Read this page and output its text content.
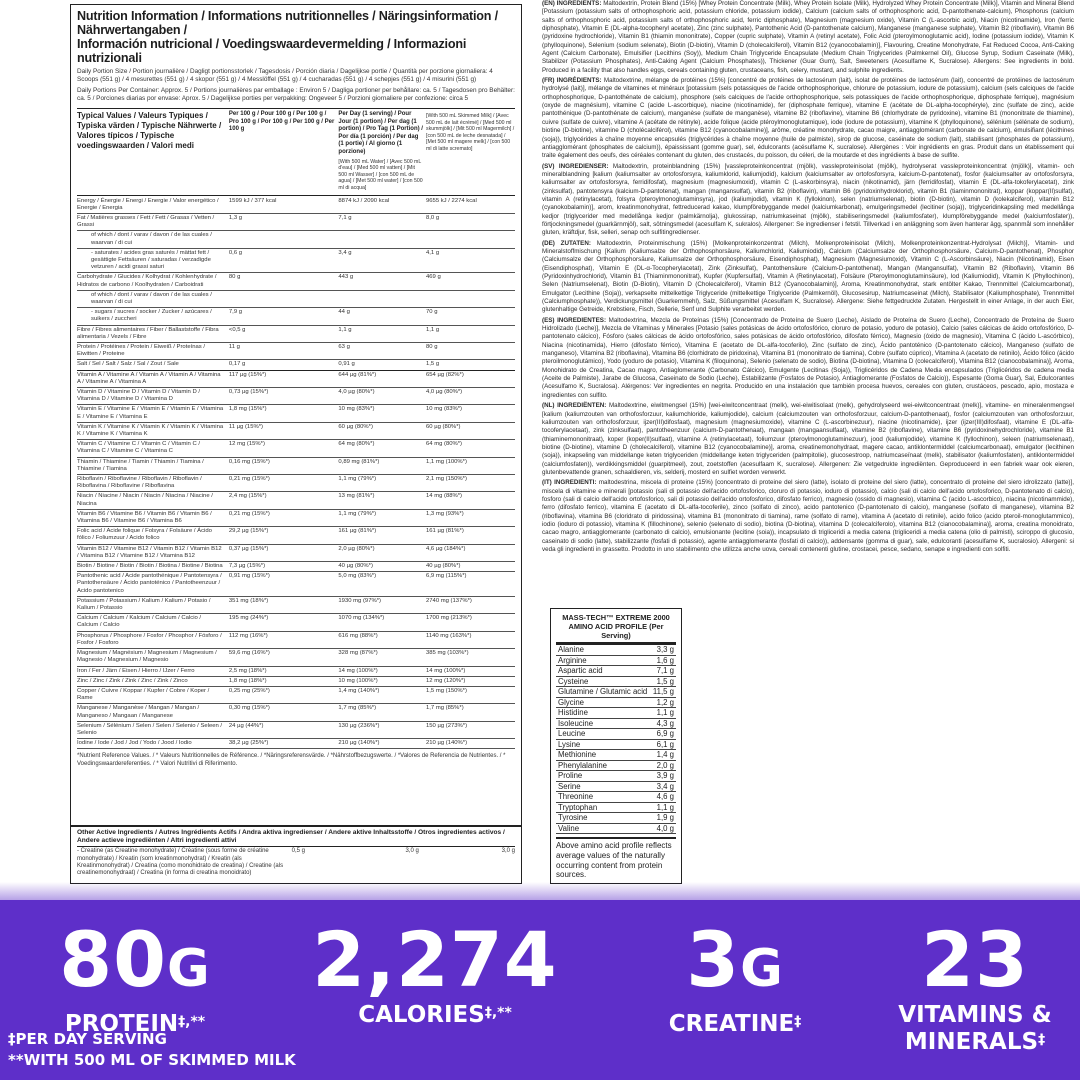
Nutrition Information / Informations nutritionnelles / Näringsinformation / Nährwertangaben /
Información nutricional / Voedingswaardevermelding / Informazioni nutrizionali
Daily Portion Size / Portion journalière / Dagligt portionsstorlek / Tagesdosis / Porción diaria / Dagelijkse portie / Quantità per porzione giornaliera: 4 Scoops (551 g) / 4 mesurettes (551 g) / 4 skopor (551 g) / 4 Messlöffel (551 g) / 4 cucharadas (551 g) / 4 schepjes (551 g) / 4 misurini (551 g)
Daily Portions Per Container: Approx. 5 / Portions journalières par emballage : Environ 5 / Dagliga portioner per behållare: ca. 5 / Tagesdosen pro Behälter: ca. 5 / Porciones diarias por envase: Aprox. 5 / Dagelijkse porties per verpakking: Ongeveer 5 / Porzioni giornaliere per confezione: circa 5
Typical Values / Valeurs Typiques / Typiska värden / Typische Nährwerte / Valores típicos / Typische voedingswaarden / Valori medi
Per 100 g / Pour 100 g / Per 100 g / Pro 100 g / Por 100 g / Per 100 g / Per 100 g
Per Day (1 serving) / Pour Jour (1 portion) / Per dag (1 portion) / Pro Tag (1 Portion) / Por día (1 porción) / Per dag (1 portie) / Al giorno (1 porzione)
[With 500 mL Water] / [Avec 500 mL d'eau] / [Med 500 ml vatten] / [Mit 500 ml Wasser] / [con 500 mL de agua] / [Met 500 ml water] / [con 500 ml di acqua]
[With 500 mL Skimmed Milk] / [Avec 500 mL de lait écrémé] / [Med 500 ml skummjölk] / [Mit 500 ml Magermilch] / [con 500 mL de leche desnatada] / [Met 500 ml magere melk] / [con 500 ml di latte scremato]
Energy / Énergie / Energi / Energie / Valor energético / Energie / Energia
1599 kJ / 377 kcal	8874 kJ / 2090 kcal	9655 kJ / 2274 kcal
Fat / Matières grasses / Fett / Fett / Grasas / Vetten / Grassi
1,3 g	7,1 g	8,0 g
of which / dont / varav / davon / de las cuales / waarvan / di cui
- saturates / acides gras saturés / mättat fett / gesättigte Fettsäuren / saturadas / verzadigde vetzuren / acidi grassi saturi
0,6 g	3,4 g	4,1 g
Carbohydrate / Glucides / Kolhydrat / Kohlenhydrate / Hidratos de carbono / Koolhydraten / Carboidrati
80 g	443 g	469 g
of which / dont / varav / davon / de las cuales / waarvan / di cui
- sugars / sucres / socker / Zucker / azúcares / suikers / zuccheri
7,9 g	44 g	70 g
Fibre / Fibres alimentaires / Fiber / Ballaststoffe / Fibra alimentaria / Vezels / Fibre
<0,5 g	1,1 g	1,1 g
Protein / Protéines / Protein / Eiweiß / Proteínas / Eiwitten / Proteine
11 g	63 g	80 g
Salt / Sel / Salt / Salz / Sal / Zout / Sale	0,17 g	0,91 g	1,5 g
Vitamin A / Vitamine A / Vitamin A / Vitamin A / Vitamina A / Vitamine A / Vitamina A
117 µg (15%*)	644 µg (81%*)	654 µg (82%*)
Vitamin D / Vitamine D / Vitamin D / Vitamin D / Vitamina D / Vitamine D / Vitamina D
0,73 µg (15%*)	4,0 µg (80%*)	4,0 µg (80%*)
Vitamin E / Vitamine E / Vitamin E / Vitamin E / Vitamina E / Vitamine E / Vitamina E
1,8 mg (15%*)	10 mg (83%*)	10 mg (83%*)
Vitamin K / Vitamine K / Vitamin K / Vitamin K / Vitamina K / Vitamine K / Vitamina K
11 µg (15%*)	60 µg (80%*)	60 µg (80%*)
Vitamin C / Vitamine C / Vitamin C / Vitamin C / Vitamina C / Vitamine C / Vitamina C
12 mg (15%*)	64 mg (80%*)	64 mg (80%*)
Thiamin / Thiamine / Tiamin / Thiamin / Tiamina / Thiamine / Tiamina
0,16 mg (15%*)	0,89 mg (81%*)	1,1 mg (100%*)
Riboflavin / Riboflavine / Riboflavin / Riboflavin / Riboflavina / Riboflavine / Riboflavina
0,21 mg (15%*)	1,1 mg (79%*)	2,1 mg (150%*)
Niacin / Niacine / Niacin / Niacin / Niacina / Niacine / Niacina
2,4 mg (15%*)	13 mg (81%*)	14 mg (88%*)
Vitamin B6 / Vitamine B6 / Vitamin B6 / Vitamin B6 / Vitamina B6 / Vitamine B6 / Vitamina B6
0,21 mg (15%*)	1,1 mg (79%*)	1,3 mg (93%*)
Folic acid / Acide folique / Folsyra / Folsäure / Ácido fólico / Foliumzuur / Acido folico
29,2 µg (15%*)	161 µg (81%*)	161 µg (81%*)
Vitamin B12 / Vitamine B12 / Vitamin B12 / Vitamin B12 / Vitamina B12 / Vitamine B12 / Vitamina B12
0,37 µg (15%*)	2,0 µg (80%*)	4,6 µg (184%*)
Biotin / Biotine / Biotin / Biotin / Biotina / Biotine / Biotina	7,3 µg (15%*)	40 µg (80%*)	40 µg (80%*)
Pantothenic acid / Acide pantothénique / Pantotensyra / Pantothensäure / Ácido pantoténico / Pantotheenzuur / Acido pantotenico
0,91 mg (15%*)	5,0 mg (83%*)	6,9 mg (115%*)
Potassium / Potassium / Kalium / Kalium / Potasio / Kalium / Potassio
351 mg (18%*)	1930 mg (97%*)	2740 mg (137%*)
Calcium / Calcium / Kalcium / Calcium / Calcio / Calcium / Calcio
195 mg (24%*)	1070 mg (134%*)	1700 mg (213%*)
Phosphorus / Phosphore / Fosfor / Phosphor / Fósforo / Fosfor / Fosforo
112 mg (16%*)	616 mg (88%*)	1140 mg (163%*)
Magnesium / Magnésium / Magnesium / Magnesium / Magnesio / Magnesium / Magnesio
59,6 mg (16%*)	328 mg (87%*)	385 mg (103%*)
Iron / Fer / Järn / Eisen / Hierro / IJzer / Ferro	2,5 mg (18%*)	14 mg (100%*)	14 mg (100%*)
Zinc / Zinc / Zink / Zink / Zinc / Zink / Zinco	1,8 mg (18%*)	10 mg (100%*)	12 mg (120%*)
Copper / Cuivre / Koppar / Kupfer / Cobre / Koper / Rame
0,25 mg (25%*)	1,4 mg (140%*)	1,5 mg (150%*)
Manganese / Manganèse / Mangan / Mangan / Manganeso / Mangaan / Manganese
0,30 mg (15%*)	1,7 mg (85%*)	1,7 mg (85%*)
Selenium / Sélénium / Selen / Selen / Selenio / Seleen / Selenio
24 µg (44%*)	130 µg (236%*)	150 µg (273%*)
Iodine / Iode / Jod / Jod / Yodo / Jood / Iodio	38,2 µg (25%*)	210 µg (140%*)	210 µg (140%*)
*Nutrient Reference Values. / * Valeurs Nutritionnelles de Référence. / *Näringsreferensvärde. / *Nährstoffbezugswerte. / *Valores de Referencia de Nutrientes. / * Voedingswaardereferenties. / * Valori Nutritivi di Riferimento.
Other Active Ingredients / Autres Ingrédients Actifs / Andra aktiva ingredienser / Andere aktive Inhaltsstoffe / Otros ingredientes activos / Andere actieve ingrediënten / Altri ingredienti attivi
- Creatine (as Creatine monohydrate) / Créatine (sous forme de créatine monohydrate) / Kreatin (som kreatinmonohydrat) / Kreatin (als Kreatinmonohydrat) / Creatina (como monohidrato de creatina) / Creatine (als creatinemonohydraat) / Creatina (in forma di creatina monoidrato)
0,5 g	3,0 g	3,0 g

(EN) INGREDIENTS: Maltodextrin, Protein Blend (15%) [Whey Protein Concentrate (Milk), Whey Protein Isolate (Milk), Hydrolyzed Whey Protein Concentrate (Milk)], Vitamin and Mineral Blend [Potassium (potassium salts of orthophosphoric acid, potassium chloride, potassium iodide), Calcium (calcium salts of orthophosphoric acid, D-pantothenate-calcium), Phosphorus (calcium salts of orthophosphoric acid, potassium salts of orthophosphoric acid, ferric diphosphate), Magnesium (magnesium oxide), Vitamin C (L-ascorbic acid), Niacin (nicotinamide), Iron (ferric diphosphate), Vitamin E (DL-alpha-tocopheryl acetate), Zinc (zinc sulphate), Pantothenic Acid (D-pantothenate calcium), Manganese (manganese sulphate), Vitamin B2 (riboflavin), Vitamin B6 (pyridoxine hydrochloride), Vitamin B1 (thiamin mononitrate), Copper (cupric sulphate), Vitamin A (retinyl acetate), Folic Acid (pteroylmonoglutamic acid), Iodine (potassium iodide), Vitamin K (phylloquinone), Selenium (sodium selenate), Biotin (D-biotin), Vitamin D (cholecalciferol), Vitamin B12 (cyanocobalamin)], Flavouring, Creatine Monohydrate, Fat Reduced Cocoa, Anti-Caking Agent (Calcium Carbonate), Emulsifier (Lecithins (Soy)), Medium Chain Triglyceride Encapsulate (Medium Chain Triglycerides (Palmkernel Oil), Glucose Syrup, Sodium Caseinate (Milk), Stabilizer (Potassium Phosphates), Anti-Caking Agent (Calcium Phosphates)), Thickener (Guar Gum), Salt, Sweeteners (Acesulfame K, Sucralose). Allergens: See ingredients in bold. Produced in a facility that also handles eggs, cereals containing gluten, crustaceans, fish, celery, mustard, and sulphite ingredients.

(FR) INGRÉDIENTS: Maltodextrine, mélange de protéines (15%) [concentré de protéines de lactosérum (lait), isolat de protéines de lactosérum (lait), concentré de protéines de lactosérum hydrolysé (lait)], mélange de vitamines et minéraux [potassium (sels potassiques de l'acide orthophosphorique, chlorure de potassium, iodure de potassium), calcium (sels calciques de l'acide orthophosphorique, D-pantothénate de calcium), phosphore (sels calciques de l'acide orthophosphorique, sels potassiques de l'acide orthophosphorique, diphosphate ferrique), magnésium (oxyde de magnésium), vitamine C (acide L-ascorbique), niacine (nicotinamide), fer (diphosphate ferrique), vitamine E (acétate de DL-alpha-tocophéryle), zinc (sulfate de zinc), acide pantothénique (D-pantothénate de calcium), manganèse (sulfate de manganèse), vitamine B2 (riboflavine), vitamine B6 (chlorhydrate de pyridoxine), vitamine B1 (mononitrate de thiamine), cuivre (sulfate de cuivre), vitamine A (acétate de rétinyle), acide folique (acide ptéroylmonoglutamique), iode (iodure de potassium), vitamine K (phylloquinone), sélénium (sélénate de sodium), biotine (D-biotine), vitamine D (cholécalciférol), vitamine B12 (cyanocobalamine)], arôme, créatine monohydrate, cacao maigre, antiagglomérant (carbonate de calcium), émulsifiant (lécithines (soja)), triglycérides à chaîne moyenne encapsulés (triglycérides à chaîne moyenne (huile de palmiste), sirop de glucose, caséinate de sodium (lait), stabilisant (phosphates de potassium), antiagglomérant (phosphates de calcium)), épaississant (gomme guar), sel, édulcorants (acésulfame K, sucralose). Allergènes : Voir ingrédients en gras. Produit dans un établissement qui traite également des oeufs, des céréales contenant du gluten, des crustacés, du poisson, du céleri, de la moutarde et des ingrédients à base de sulfite.

(SV) INGREDIENSER: Maltodextrin, proteinblandning (15%) [vassleproteinkoncentrat (mjölk), vassleproteinisolat (mjölk), hydrolyserat vassleproteinkoncentrat (mjölk)], vitamin- och mineralblandning [kalium (kaliumsalter av ortofosforsyra, kaliumklorid, kaliumjodid), kalcium (kalciumsalter av ortofosforsyra, kalcium-D-pantotenat), fosfor (kalciumsalter av ortofosforsyra, kaliumsalter av ortofosforsyra, ferridifosfat), magnesium (magnesiumoxid), vitamin C (L-askorbinsyra), niacin (nikotinamid), järn (ferridifosfat), vitamin E (DL-alfa-tokoferylacetat), zink (zinksulfat), pantotensyra (kalcium-D-pantotenat), mangan (mangansulfat), vitamin B2 (riboflavin), vitamin B6 (pyridoxinhydroklorid), vitamin B1 (tiaminmononitrat), koppar (koppar(II)sulfat), vitamin A (retinylacetat), folsyra (pteroylmonoglutaminsyra), jod (kaliumjodid), vitamin K (fyllokinon), selen (natriumselenat), biotin (D-biotin), vitamin D (kolekalciferol), vitamin B12 (cyanokobalamin)], arom, kreatinmonohydrat, fettreducerad kakao, klumpförebyggande medel (kalciumkarbonat), emulgeringsmedel (lecitiner (soja)), triglyceridinkapsling med medellånga kedjor (triglycerider med medellånga kedjor (palmkärnolja), glukossirap, natriumkaseinat (mjölk), stabiliseringsmedel (kaliumfosfater), klumpförebyggande medel (kalciumfosfater)), förtjockningsmedel (guarkärnmjöl), salt, sötningsmedel (acesulfam K, sukralos). Allergener: Se ingredienser i fetstil. Tillverkad i en anläggning som även hanterar ägg, spannmål som innehåller gluten, kräftdjur, fisk, selleri, senap och sulfitingredienser.

(DE) ZUTATEN: Maltodextrin, Proteinmischung (15%) [Molkenproteinkonzentrat (Milch), Molkenproteinisolat (Milch), Molkenproteinkonzentrat-Hydrolysat (Milch)], Vitamin- und Mineralstoffmischung [Kalium (Kaliumsalze der Orthophosphorsäure, Kaliumchlorid, Kaliumiodid), Calcium (Calciumsalze der Orthophosphorsäure, Calcium-D-pantothenat), Phosphor (Calciumsalze der Orthophosphorsäure, Kaliumsalze der Orthophosphorsäure, Eisendiphosphat), Magnesium (Magnesiumoxid), Vitamin C (L-Ascorbinsäure), Niacin (Nicotinamid), Eisen (Eisendiphosphat), Vitamin E (DL-α-Tocopherylacetat), Zink (Zinksulfat), Pantothensäure (Calcium-D-pantothenat), Mangan (Mangansulfat), Vitamin B2 (Riboflavin), Vitamin B6 (Pyridoxinhydrochlorid), Vitamin B1 (Thiaminmononitrat), Kupfer (Kupfersulfat), Vitamin A (Retinylacetat), Folsäure (Pteroylmonoglutaminsäure), Iod (Kaliumiodid), Vitamin K (Phyllochinon), Selen (Natriumselenat), Biotin (D-Biotin), Vitamin D (Cholecalciferol), Vitamin B12 (Cyanocobalamin)], Aroma, Kreatinmonohydrat, stark entölter Kakao, Trennmittel (Calciumcarbonat), Emulgator (Lecithine (Soja)), verkapselte mittelkettige Triglyceride (mittelkettige Triglyceride (Palmkernöl), Glucosesirup, Natriumcaseinat (Milch), Stabilisator (Kaliumphosphate), Trennmittel (Calciumphosphate)), Verdickungsmittel (Guarkernmehl), Salz, Süßungsmittel (Acesulfam K, Sucralose). Allergene: Siehe fettgedruckte Zutaten. Hergestellt in einer Anlage, in der auch Eier, glutenhaltige Getreide, Krebstiere, Fisch, Sellerie, Senf und Sulphite verarbeitet werden.

(ES) INGREDIENTES: Maltodextrina, Mezcla de Proteínas (15%) [Concentrado de Proteína de Suero (Leche), Aislado de Proteína de Suero (Leche), Concentrado de Proteína de Suero Hidrolizado (Leche)], Mezcla de Vitaminas y Minerales [Potasio (sales potásicas de ácido ortofosfórico, cloruro de potasio, yoduro de potasio), Calcio (sales cálcicas de ácido ortofosfórico, D-pantotenato cálcico), Fósforo (sales cálcicas de ácido ortofosfórico, sales potásicas de ácido ortofosfórico, difosfato férrico), Magnesio (óxido de magnesio), Vitamina C (ácido L-ascórbico), Niacina (nicotinamida), Hierro (difosfato férrico), Vitamina E (acetato de DL-alfa-tocoferilo), Zinc (sulfato de zinc), Ácido pantoténico (D-pantotenato cálcico), Manganeso (sulfato de manganeso), Vitamina B2 (riboflavina), Vitamina B6 (clorhidrato de piridoxina), Vitamina B1 (mononitrato de tiamina), Cobre (sulfato cúprico), Vitamina A (acetato de retinilo), Ácido fólico (ácido pteroilmonoglutámico), Yodo (yoduro de potasio), Vitamina K (filoquinona), Selenio (selenato de sodio), Biotina (D-biotina), Vitamina D (colecalciferol), Vitamina B12 (cianocobalamina)], Aroma, Monohidrato de Creatina, Cacao magro, Antiaglomerante (Carbonato Cálcico), Emulgente (Lecitinas (Soja)), Triglicéridos de Cadena Media encapsulados (Triglicéridos de cadena media (Aceite de Palmiste), Jarabe de Glucosa, Caseinato de Sodio (Leche), Estabilizante (Fosfatos de Potasio), Antiaglomerante (Fosfatos de Calcio)), Espesante (Goma Guar), Sal, Edulcorantes (Acesulfamo K, Sucralosa). Alérgenos: Ver ingredientes en negrita. Producido en una instalación que también procesa huevos, cereales con gluten, crustáceos, pescado, apio, mostaza e ingredientes con sulfito.

(NL) INGREDIËNTEN: Maltodextrine, eiwitmengsel (15%) [wei-eiwitconcentraat (melk), wei-eiwitisolaat (melk), gehydrolyseerd wei-eiwitconcentraat (melk)], vitamine- en mineralenmengsel [kalium (kaliumzouten van orthofosforzuur, kaliumchloride, kaliumjodide), calcium (calciumzouten van orthofosforzuur, calcium-D-pantothenaat), fosfor (calciumzouten van orthofosforzuur, kaliumzouten van orthofosforzuur, ijzer(III)difosfaat), magnesium (magnesiumoxide), vitamine C (L-ascorbinezuur), niacine (nicotinamide), ijzer (ijzer(III)difosfaat), vitamine E (DL-alfa-tocoferylacetaat), zink (zinksulfaat), pantotheenzuur (calcium-D-pantothenaat), mangaan (mangaansulfaat), vitamine B2 (riboflavine), vitamine B6 (pyridoxinehydrochloride), vitamine B1 (thiaminemononitraat), koper (koper(II)sulfaat), vitamine A (retinylacetaat), foliumzuur (pteroylmonoglutaminezuur), jood (kaliumjodide), vitamine K (fyllochinon), seleen (natriumselenaat), biotine (D-biotine), vitamine D (cholecalciferol), vitamine B12 (cyanocobalamine)], aroma, creatinemonohydraat, magere cacao, antiklontermiddel (calciumcarbonaat), emulgator (lecithinen (soja)), inkapseling van middellange keten triglyceriden (middellange keten triglyceriden (palmpitolie), glucosestroop, natriumcaseïnaat (melk), stabilisator (kaliumfosfaten), antiklontermiddel (calciumfosfaten)), verdikkingsmiddel (guarpitmeel), zout, zoetstoffen (acesulfaam K, sucralose). Allergenen: Zie vetgedrukte ingrediënten. Geproduceerd in een fabriek waar ook eieren, glutenbevattende granen, schaaldieren, vis, selderij, mosterd en sulfiet worden verwerkt.

(IT) INGREDIENTI: maltodestrina, miscela di proteine (15%) [concentrato di proteine del siero (latte), isolato di proteine del siero (latte), concentrato di proteine del siero idrolizzato (latte)], miscela di vitamine e minerali [potassio (sali di potassio dell'acido ortofosforico, cloruro di potassio, ioduro di potassio), calcio (sali di calcio dell'acido ortofosforico, D-pantotenato di calcio), fosforo (sali di calcio dell'acido ortofosforico, sali di potassio dell'acido ortofosforico, difosfato ferrico), magnesio (ossido di magnesio), vitamina C (acido L-ascorbico), niacina (nicotinammide), ferro (difosfato ferrico), vitamina E (acetato di DL-alfa-tocoferile), zinco (solfato di zinco), acido pantotenico (D-pantotenato di calcio), manganese (solfato di manganese), vitamina B2 (riboflavina), vitamina B6 (cloridrato di piridossina), vitamina B1 (mononitrato di tiamina), rame (solfato di rame), vitamina A (acetato di retinile), acido folico (acido pteroil-monoglutammico), iodio (ioduro di potassio), vitamina K (fillochinone), selenio (selenato di sodio), biotina (D-biotina), vitamina D (colecalciferolo), vitamina B12 (cianocobalamina)], aroma, creatina monoidrato, cacao magro, antiagglomerante (carbonato di calcio), emulsionante (lecitine (soia)), incapsulato di trigliceridi a media catena (trigliceridi a media catena (olio di palmisti), sciroppo di glucosio, caseinato di sodio (latte), stabilizzante (fosfati di potassio), agente antiagglomerante (fosfati di calcio)), addensante (gomma di guar), sale, edulcoranti (acesulfame K, sucralosio). Allergeni: si veda gli ingredienti in grassetto. Prodotto in uno stabilimento che utilizza anche uova, cereali contenenti glutine, crostacei, pesce, sedano, senape e ingredienti con solfiti.

MASS-TECH™ EXTREME 2000 AMINO ACID PROFILE (Per Serving)
Alanine	3,3 g
Arginine	1,6 g
Aspartic acid	7,1 g
Cysteine	1,5 g
Glutamine / Glutamic acid 11,5 g
Glycine	1,2 g
Histidine	1,1 g
Isoleucine	4,3 g
Leucine	6,9 g
Lysine	6,1 g
Methionine	1,4 g
Phenylalanine	2,0 g
Proline	3,9 g
Serine	3,4 g
Threonine	4,6 g
Tryptophan	1,1 g
Tyrosine	1,9 g
Valine	4,0 g
Above amino acid profile reflects average values of the naturally occurring content from protein sources.
80G
PROTEIN‡,**
2,274
CALORIES‡,**
3G
CREATINE‡
23
VITAMINS &
MINERALS‡
‡PER DAY SERVING
**WITH 500 ML OF SKIMMED MILK
